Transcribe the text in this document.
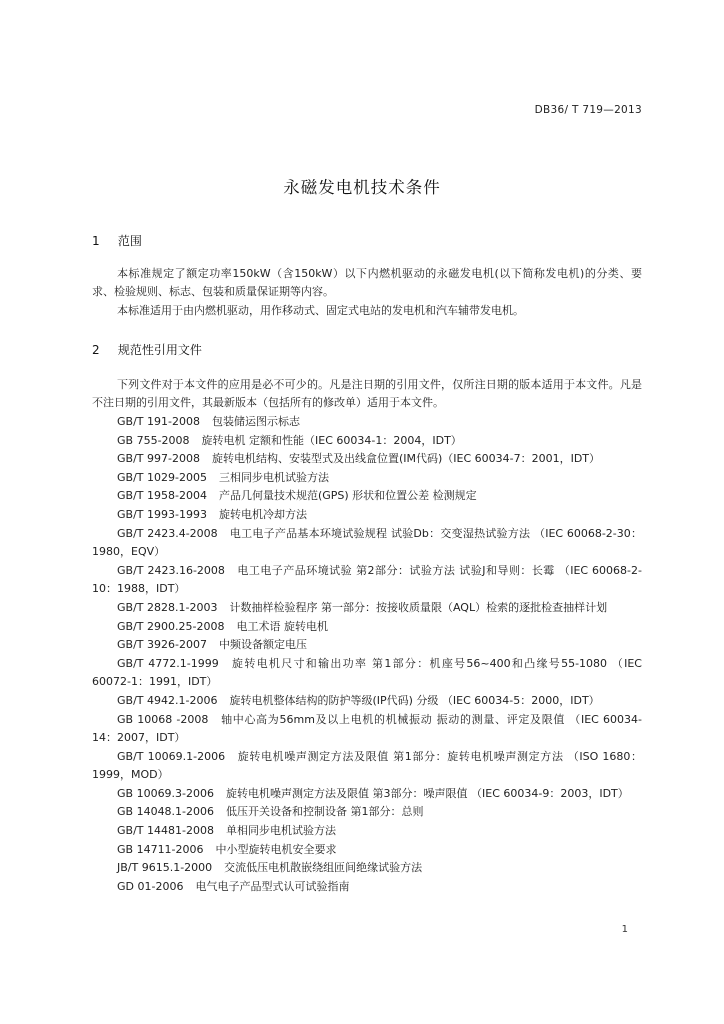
DB36/ T 719—2013
永磁发电机技术条件
1 范围

本标准规定了额定功率150kW（含150kW）以下内燃机驱动的永磁发电机(以下简称发电机)的分类、要求、检验规则、标志、包装和质量保证期等内容。

本标准适用于由内燃机驱动，用作移动式、固定式电站的发电机和汽车辅带发电机。

2 规范性引用文件

下列文件对于本文件的应用是必不可少的。凡是注日期的引用文件，仅所注日期的版本适用于本文件。凡是不注日期的引用文件，其最新版本（包括所有的修改单）适用于本文件。

GB/T 191-2008 包装储运图示标志
GB 755-2008 旋转电机 定额和性能（IEC 60034-1：2004，IDT）
GB/T 997-2008 旋转电机结构、安装型式及出线盒位置(IM代码)（IEC 60034-7：2001，IDT）
GB/T 1029-2005 三相同步电机试验方法
GB/T 1958-2004 产品几何量技术规范(GPS) 形状和位置公差 检测规定
GB/T 1993-1993 旋转电机冷却方法
GB/T 2423.4-2008 电工电子产品基本环境试验规程 试验Db：交变湿热试验方法 （IEC 60068-2-30：1980，EQV）
GB/T 2423.16-2008 电工电子产品环境试验 第2部分：试验方法 试验J和导则：长霉 （IEC 60068-2-10：1988，IDT）
GB/T 2828.1-2003 计数抽样检验程序 第一部分：按接收质量限（AQL）检索的逐批检查抽样计划
GB/T 2900.25-2008 电工术语 旋转电机
GB/T 3926-2007 中频设备额定电压
GB/T 4772.1-1999 旋转电机尺寸和输出功率 第1部分：机座号56~400和凸缘号55-1080 （IEC 60072-1：1991，IDT）
GB/T 4942.1-2006 旋转电机整体结构的防护等级(IP代码) 分级 （IEC 60034-5：2000，IDT）
GB 10068 -2008 轴中心高为56mm及以上电机的机械振动 振动的测量、评定及限值 （IEC 60034-14：2007，IDT）
GB/T 10069.1-2006 旋转电机噪声测定方法及限值 第1部分：旋转电机噪声测定方法 （ISO 1680：1999，MOD）
GB 10069.3-2006 旋转电机噪声测定方法及限值 第3部分：噪声限值 （IEC 60034-9：2003，IDT）
GB 14048.1-2006 低压开关设备和控制设备 第1部分：总则
GB/T 14481-2008 单相同步电机试验方法
GB 14711-2006 中小型旋转电机安全要求
JB/T 9615.1-2000 交流低压电机散嵌绕组匝间绝缘试验方法
GD 01-2006 电气电子产品型式认可试验指南
1
